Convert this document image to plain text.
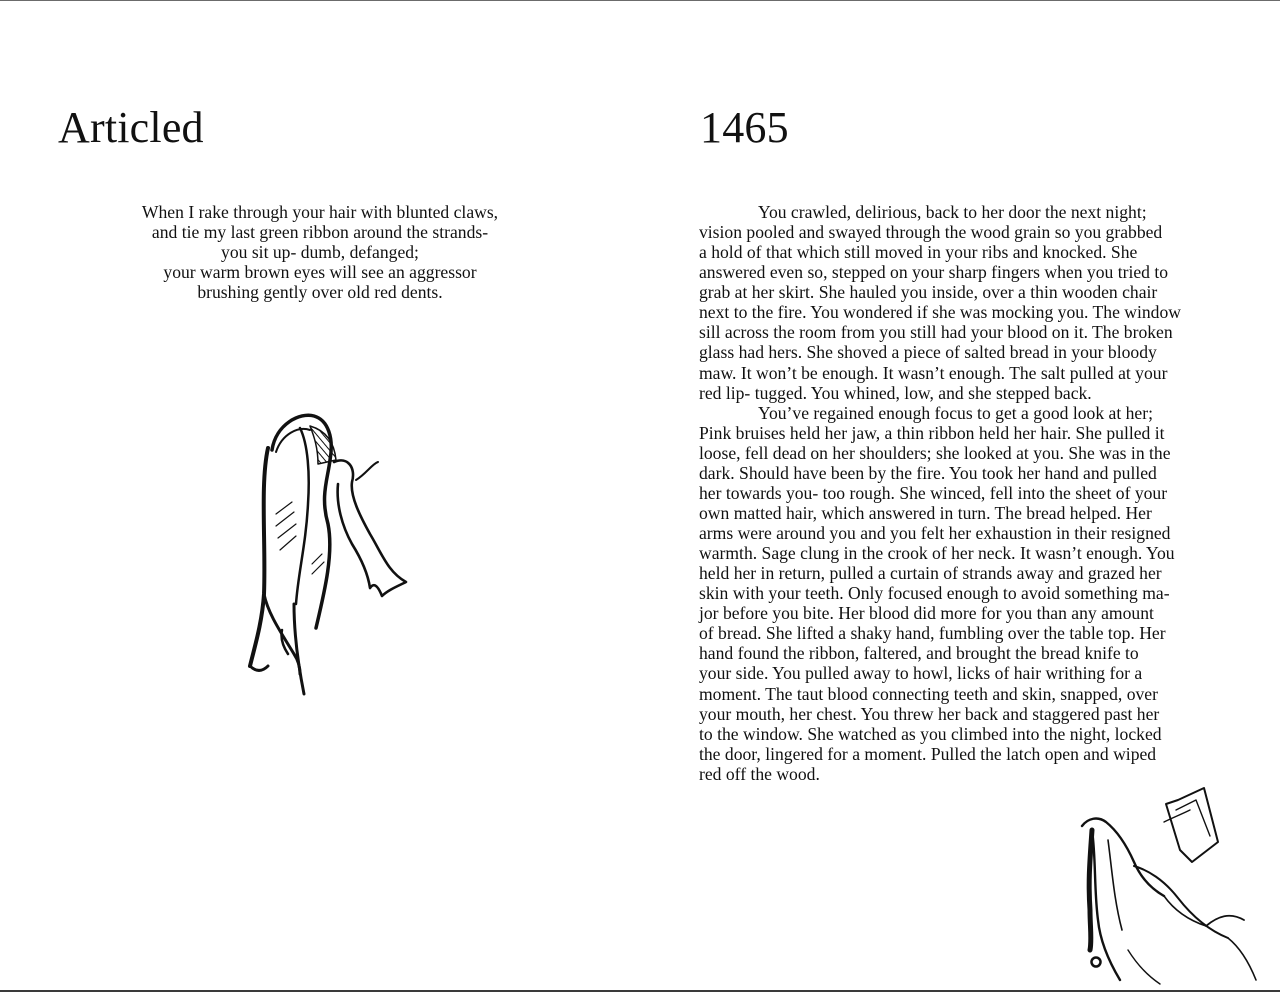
Articled
When I rake through your hair with blunted claws,
and tie my last green ribbon around the strands-
you sit up- dumb, defanged;
your warm brown eyes will see an aggressor
brushing gently over old red dents.
1465
You crawled, delirious, back to her door the next night;
vision pooled and swayed through the wood grain so you grabbed
a hold of that which still moved in your ribs and knocked. She
answered even so, stepped on your sharp fingers when you tried to
grab at her skirt. She hauled you inside, over a thin wooden chair
next to the fire. You wondered if she was mocking you. The window
sill across the room from you still had your blood on it. The broken
glass had hers. She shoved a piece of salted bread in your bloody
maw. It won’t be enough. It wasn’t enough. The salt pulled at your
red lip- tugged. You whined, low, and she stepped back.
You’ve regained enough focus to get a good look at her;
Pink bruises held her jaw, a thin ribbon held her hair. She pulled it
loose, fell dead on her shoulders; she looked at you. She was in the
dark. Should have been by the fire. You took her hand and pulled
her towards you- too rough. She winced, fell into the sheet of your
own matted hair, which answered in turn. The bread helped. Her
arms were around you and you felt her exhaustion in their resigned
warmth. Sage clung in the crook of her neck. It wasn’t enough. You
held her in return, pulled a curtain of strands away and grazed her
skin with your teeth. Only focused enough to avoid something ma-
jor before you bite. Her blood did more for you than any amount
of bread. She lifted a shaky hand, fumbling over the table top. Her
hand found the ribbon, faltered, and brought the bread knife to
your side. You pulled away to howl, licks of hair writhing for a
moment. The taut blood connecting teeth and skin, snapped, over
your mouth, her chest. You threw her back and staggered past her
to the window. She watched as you climbed into the night, locked
the door, lingered for a moment. Pulled the latch open and wiped
red off the wood.
